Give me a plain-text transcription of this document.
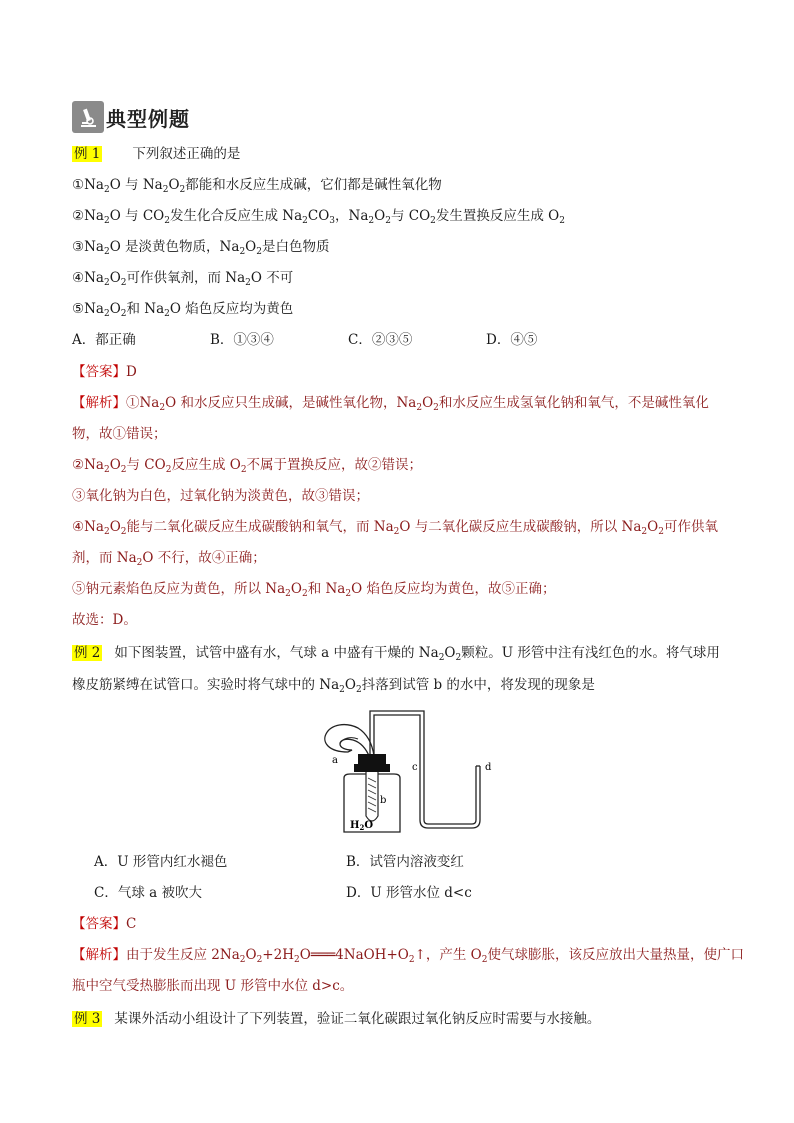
典型例题
例 1 下列叙述正确的是
$①Na_2O$ 与 $Na_2O_2$都能和水反应生成碱，它们都是碱性氧化物
$②Na_2O$ 与 $CO_2$发生化合反应生成 $Na_2CO_3$，$Na_2O_2$与 $CO_2$发生置换反应生成 $O_2$
$③Na_2O$ 是淡黄色物质，$Na_2O_2$是白色物质
$④Na_2O_2$可作供氧剂，而 $Na_2O$ 不可
$⑤Na_2O_2$和 $Na_2O$ 焰色反应均为黄色
A．都正确	B．①③④	C．②③⑤	D．④⑤
【答案】D
【解析】$①Na_2O$ 和水反应只生成碱，是碱性氧化物，$Na_2O_2$和水反应生成氢氧化钠和氧气，不是碱性氧化
物，故①错误；
$②Na_2O_2$与 $CO_2$反应生成 $O_2$不属于置换反应，故②错误；
③氧化钠为白色，过氧化钠为淡黄色，故③错误；
$④Na_2O_2$能与二氧化碳反应生成碳酸钠和氧气，而 $Na_2O$ 与二氧化碳反应生成碳酸钠，所以 $Na_2O_2$可作供氧
剂，而 $Na_2O$ 不行，故④正确；
⑤钠元素焰色反应为黄色，所以 $Na_2O_2$和 $Na_2O$ 焰色反应均为黄色，故⑤正确；
故选：D。
例 2 如下图装置，试管中盛有水，气球 a 中盛有干燥的 $Na_2O_2$颗粒。U 形管中注有浅红色的水。将气球用
橡皮筋紧缚在试管口。实验时将气球中的 $Na_2O_2$抖落到试管 b 的水中，将发现的现象是
a
b
$H_2O$
c	d
A．U 形管内红水褪色	B．试管内溶液变红
C．气球 a 被吹大	D．U 形管水位 d<c
【答案】C
【解析】由于发生反应 $2Na_2O_2+2H_2O═══4NaOH+O_2↑$，产生 $O_2$使气球膨胀，该反应放出大量热量，使广口
瓶中空气受热膨胀而出现 U 形管中水位 d>c。
例 3 某课外活动小组设计了下列装置，验证二氧化碳跟过氧化钠反应时需要与水接触。
